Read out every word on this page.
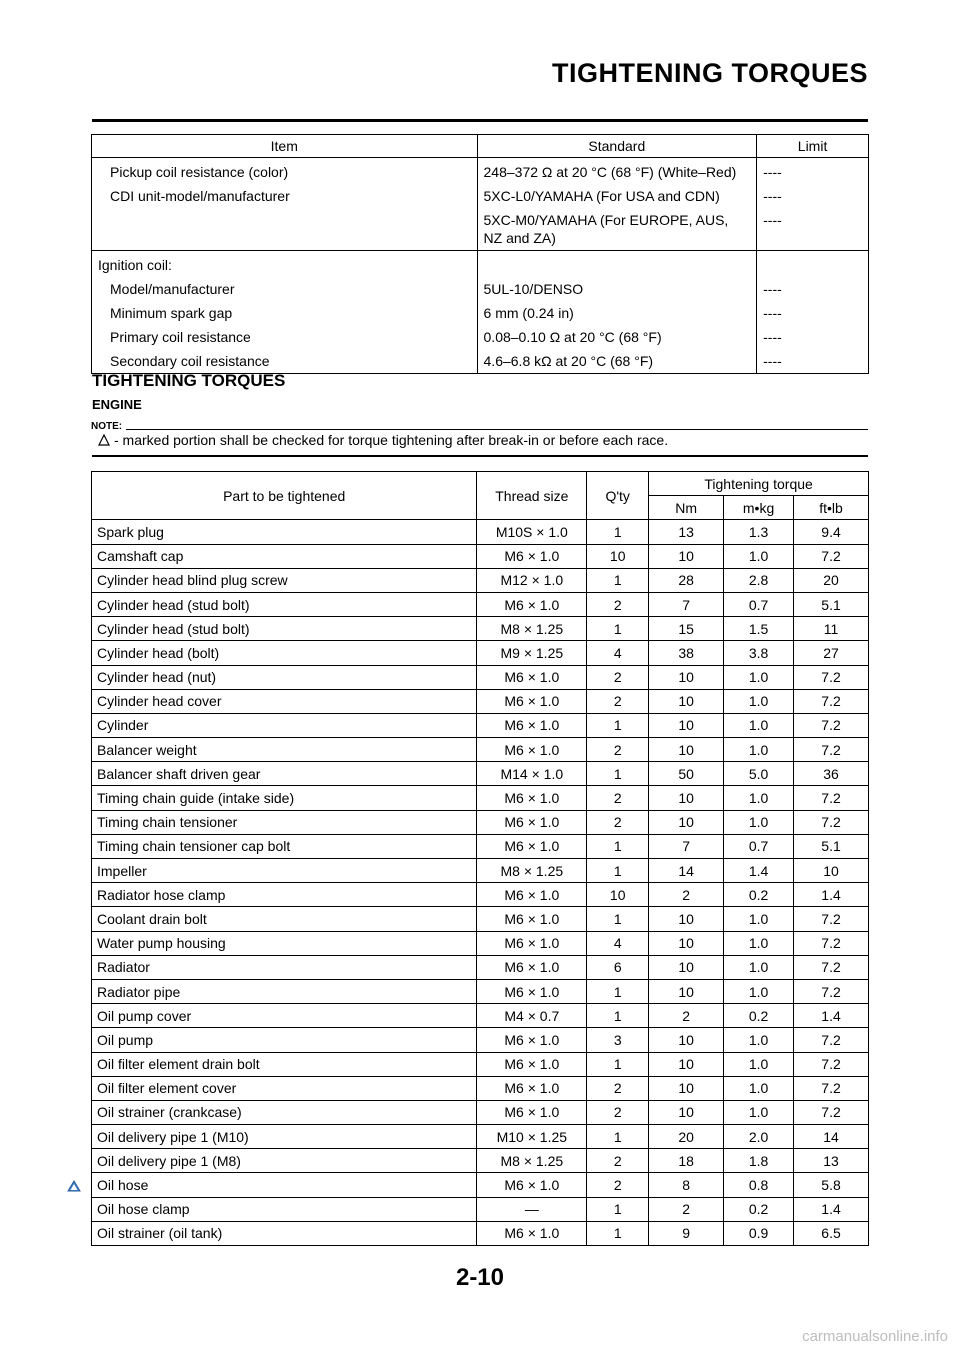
TIGHTENING TORQUES
Item	Standard	Limit
Pickup coil resistance (color)	248–372 Ω at 20 °C (68 °F) (White–Red)	----
CDI unit-model/manufacturer	5XC-L0/YAMAHA (For USA and CDN)	----
	5XC-M0/YAMAHA (For EUROPE, AUS, NZ and ZA)	----
Ignition coil:		
Model/manufacturer	5UL-10/DENSO	----
Minimum spark gap	6 mm (0.24 in)	----
Primary coil resistance	0.08–0.10 Ω at 20 °C (68 °F)	----
Secondary coil resistance	4.6–6.8 kΩ at 20 °C (68 °F)	----
TIGHTENING TORQUES
ENGINE
NOTE:
- marked portion shall be checked for torque tightening after break-in or before each race.
Part to be tightened	Thread size	Q'ty	Tightening torque		
			Nm	m•kg	ft•lb
Spark plug	M10S × 1.0	1	13	1.3	9.4
Camshaft cap	M6 × 1.0	10	10	1.0	7.2
Cylinder head blind plug screw	M12 × 1.0	1	28	2.8	20
Cylinder head (stud bolt)	M6 × 1.0	2	7	0.7	5.1
Cylinder head (stud bolt)	M8 × 1.25	1	15	1.5	11
Cylinder head (bolt)	M9 × 1.25	4	38	3.8	27
Cylinder head (nut)	M6 × 1.0	2	10	1.0	7.2
Cylinder head cover	M6 × 1.0	2	10	1.0	7.2
Cylinder	M6 × 1.0	1	10	1.0	7.2
Balancer weight	M6 × 1.0	2	10	1.0	7.2
Balancer shaft driven gear	M14 × 1.0	1	50	5.0	36
Timing chain guide (intake side)	M6 × 1.0	2	10	1.0	7.2
Timing chain tensioner	M6 × 1.0	2	10	1.0	7.2
Timing chain tensioner cap bolt	M6 × 1.0	1	7	0.7	5.1
Impeller	M8 × 1.25	1	14	1.4	10
Radiator hose clamp	M6 × 1.0	10	2	0.2	1.4
Coolant drain bolt	M6 × 1.0	1	10	1.0	7.2
Water pump housing	M6 × 1.0	4	10	1.0	7.2
Radiator	M6 × 1.0	6	10	1.0	7.2
Radiator pipe	M6 × 1.0	1	10	1.0	7.2
Oil pump cover	M4 × 0.7	1	2	0.2	1.4
Oil pump	M6 × 1.0	3	10	1.0	7.2
Oil filter element drain bolt	M6 × 1.0	1	10	1.0	7.2
Oil filter element cover	M6 × 1.0	2	10	1.0	7.2
Oil strainer (crankcase)	M6 × 1.0	2	10	1.0	7.2
Oil delivery pipe 1 (M10)	M10 × 1.25	1	20	2.0	14
Oil delivery pipe 1 (M8)	M8 × 1.25	2	18	1.8	13
Oil hose	M6 × 1.0	2	8	0.8	5.8
Oil hose clamp	—	1	2	0.2	1.4
Oil strainer (oil tank)	M6 × 1.0	1	9	0.9	6.5
2-10
carmanualsonline.info
